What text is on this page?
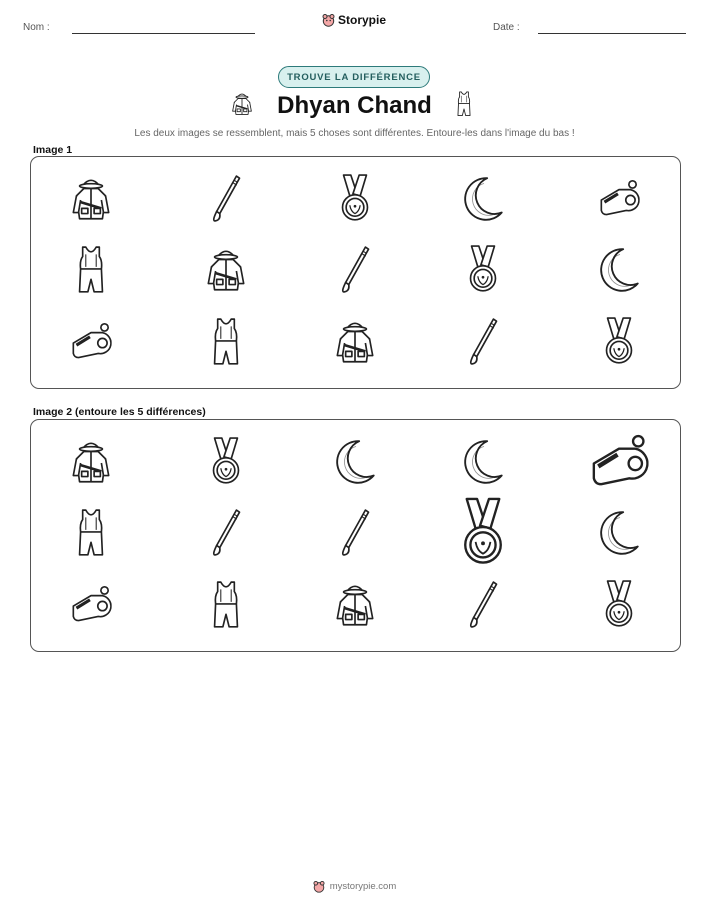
Nom :
Storypie
Date :
TROUVE LA DIFFÉRENCE
Dhyan Chand
Les deux images se ressemblent, mais 5 choses sont différentes. Entoure-les dans l'image du bas !
Image 1
Image 2 (entoure les 5 différences)
mystorypie.com
